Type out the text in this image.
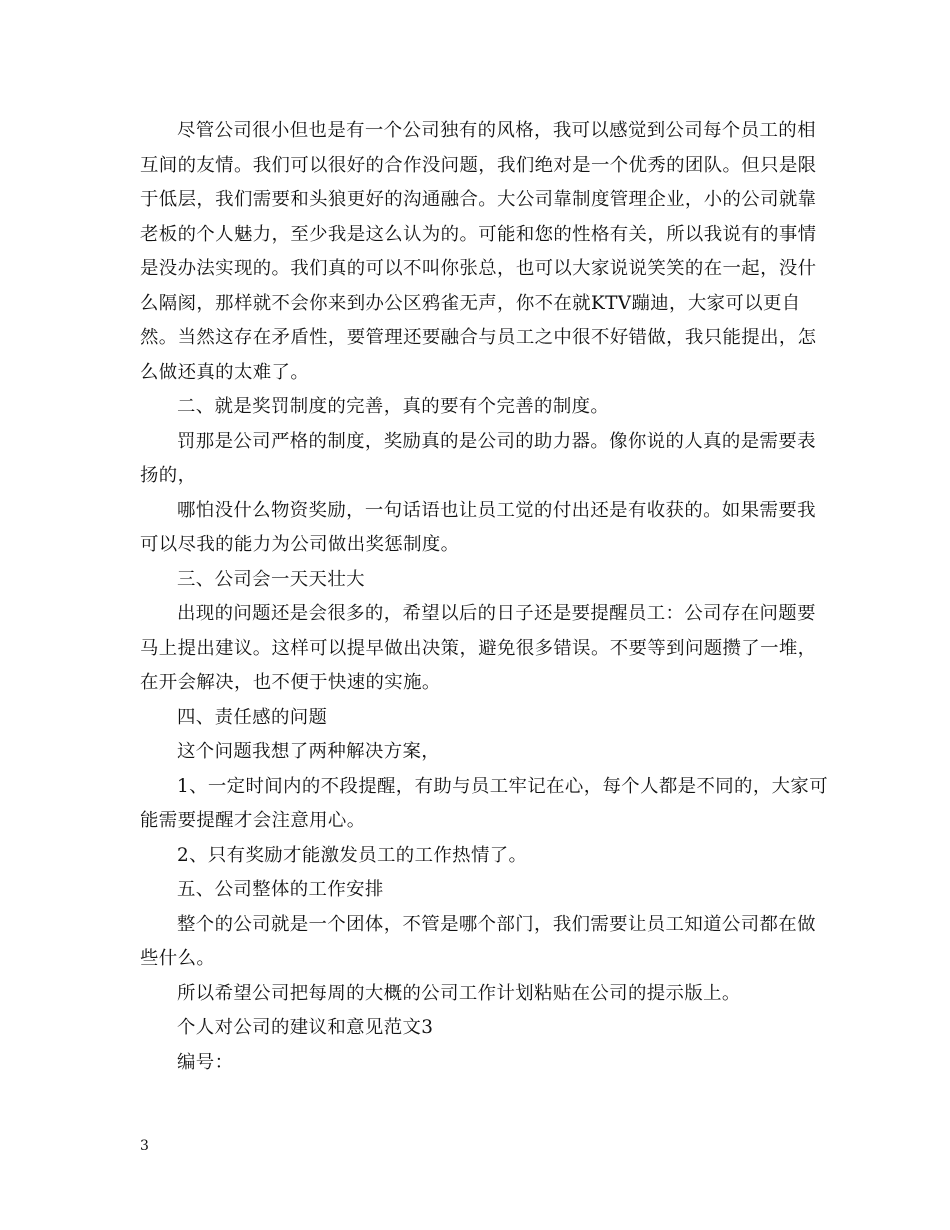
尽管公司很小但也是有一个公司独有的风格，我可以感觉到公司每个员工的相互间的友情。我们可以很好的合作没问题，我们绝对是一个优秀的团队。但只是限于低层，我们需要和头狼更好的沟通融合。大公司靠制度管理企业，小的公司就靠老板的个人魅力，至少我是这么认为的。可能和您的性格有关，所以我说有的事情是没办法实现的。我们真的可以不叫你张总，也可以大家说说笑笑的在一起，没什么隔阂，那样就不会你来到办公区鸦雀无声，你不在就KTV蹦迪，大家可以更自然。当然这存在矛盾性，要管理还要融合与员工之中很不好错做，我只能提出，怎么做还真的太难了。

二、就是奖罚制度的完善，真的要有个完善的制度。

罚那是公司严格的制度，奖励真的是公司的助力器。像你说的人真的是需要表扬的，

哪怕没什么物资奖励，一句话语也让员工觉的付出还是有收获的。如果需要我可以尽我的能力为公司做出奖惩制度。

三、公司会一天天壮大

出现的问题还是会很多的，希望以后的日子还是要提醒员工：公司存在问题要马上提出建议。这样可以提早做出决策，避免很多错误。不要等到问题攒了一堆，在开会解决，也不便于快速的实施。

四、责任感的问题

这个问题我想了两种解决方案，

1、一定时间内的不段提醒，有助与员工牢记在心，每个人都是不同的，大家可能需要提醒才会注意用心。

2、只有奖励才能激发员工的工作热情了。

五、公司整体的工作安排

整个的公司就是一个团体，不管是哪个部门，我们需要让员工知道公司都在做些什么。

所以希望公司把每周的大概的公司工作计划粘贴在公司的提示版上。

个人对公司的建议和意见范文3

编号：

3
